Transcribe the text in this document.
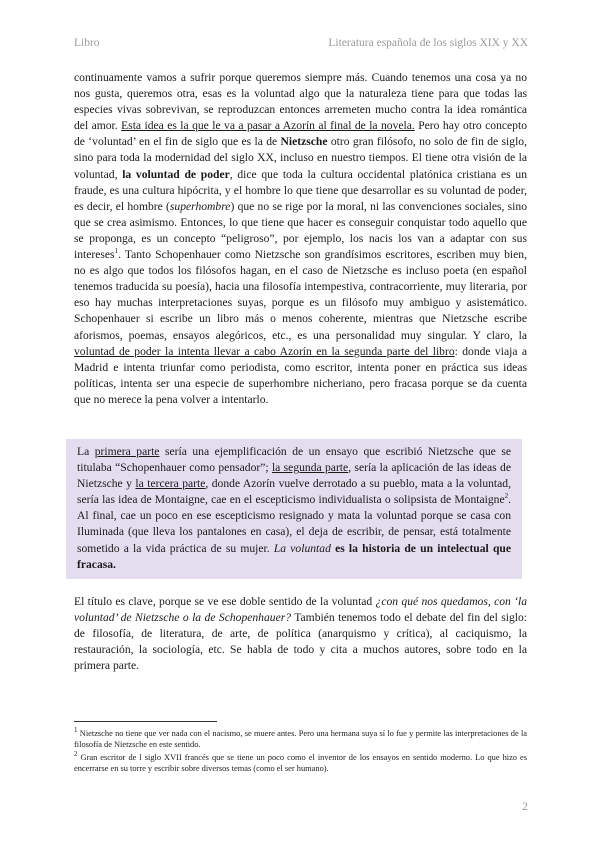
Libro	Literatura española de los siglos XIX y XX
continuamente vamos a sufrir porque queremos siempre más. Cuando tenemos una cosa ya no nos gusta, queremos otra, esas es la voluntad algo que la naturaleza tiene para que todas las especies vivas sobrevivan, se reproduzcan entonces arremeten mucho contra la idea romántica del amor. Esta idea es la que le va a pasar a Azorín al final de la novela. Pero hay otro concepto de ‘voluntad’ en el fin de siglo que es la de Nietzsche otro gran filósofo, no solo de fin de siglo, sino para toda la modernidad del siglo XX, incluso en nuestro tiempos. El tiene otra visión de la voluntad, la voluntad de poder, dice que toda la cultura occidental platónica cristiana es un fraude, es una cultura hipócrita, y el hombre lo que tiene que desarrollar es su voluntad de poder, es decir, el hombre (superhombre) que no se rige por la moral, ni las convenciones sociales, sino que se crea asimismo. Entonces, lo que tiene que hacer es conseguir conquistar todo aquello que se proponga, es un concepto “peligroso”, por ejemplo, los nacis los van a adaptar con sus intereses$^1$. Tanto Schopenhauer como Nietzsche son grandísimos escritores, escriben muy bien, no es algo que todos los filósofos hagan, en el caso de Nietzsche es incluso poeta (en español tenemos traducida su poesía), hacia una filosofía intempestiva, contracorriente, muy literaria, por eso hay muchas interpretaciones suyas, porque es un filósofo muy ambiguo y asistemático. Schopenhauer si escribe un libro más o menos coherente, mientras que Nietzsche escribe aforismos, poemas, ensayos alegóricos, etc., es una personalidad muy singular. Y claro, la voluntad de poder la intenta llevar a cabo Azorín en la segunda parte del libro: donde viaja a Madrid e intenta triunfar como periodista, como escritor, intenta poner en práctica sus ideas políticas, intenta ser una especie de superhombre nicheriano, pero fracasa porque se da cuenta que no merece la pena volver a intentarlo.
La primera parte sería una ejemplificación de un ensayo que escribió Nietzsche que se titulaba “Schopenhauer como pensador”; la segunda parte, sería la aplicación de las ideas de Nietzsche y la tercera parte, donde Azorín vuelve derrotado a su pueblo, mata a la voluntad, sería las idea de Montaigne, cae en el escepticismo individualista o solipsista de Montaigne$^2$. Al final, cae un poco en ese escepticismo resignado y mata la voluntad porque se casa con Iluminada (que lleva los pantalones en casa), el deja de escribir, de pensar, está totalmente sometido a la vida práctica de su mujer. La voluntad es la historia de un intelectual que fracasa.
El título es clave, porque se ve ese doble sentido de la voluntad ¿con qué nos quedamos, con ‘la voluntad’ de Nietzsche o la de Schopenhauer? También tenemos todo el debate del fin del siglo: de filosofía, de literatura, de arte, de política (anarquismo y crítica), al caciquismo, la restauración, la sociología, etc. Se habla de todo y cita a muchos autores, sobre todo en la primera parte.
$^1$ Nietzsche no tiene que ver nada con el nacismo, se muere antes. Pero una hermana suya sí lo fue y permite las interpretaciones de la filosofía de Nietzsche en este sentido.
$^2$ Gran escritor de l siglo XVII francés que se tiene un poco como el inventor de los ensayos en sentido moderno. Lo que hizo es encerrarse en su torre y escribir sobre diversos temas (como el ser humano).
2
